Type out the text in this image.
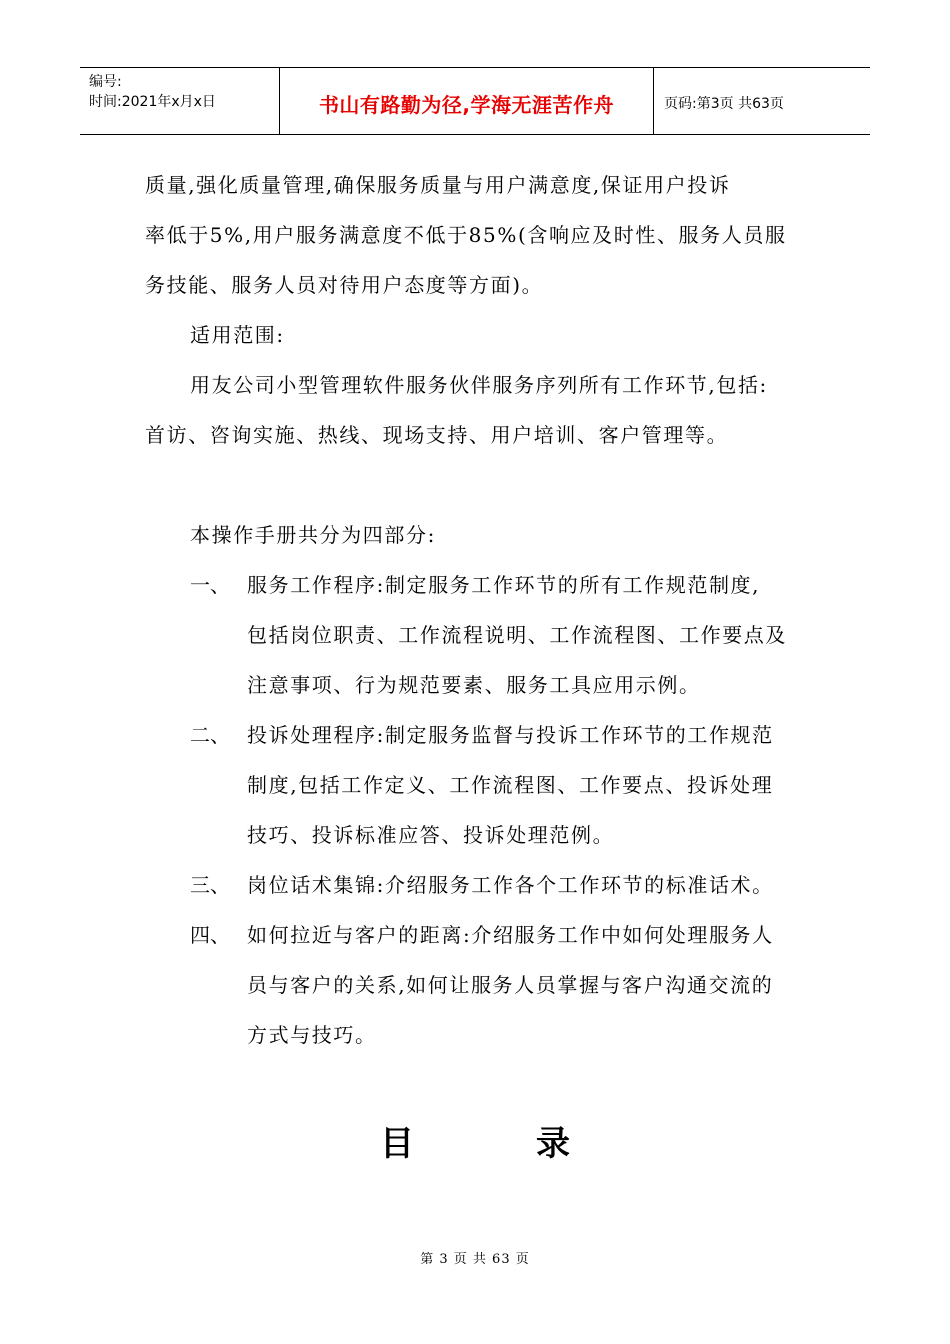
编号:
时间:2021年x月x日	书山有路勤为径,学海无涯苦作舟	页码:第3页 共63页
质量,强化质量管理,确保服务质量与用户满意度,保证用户投诉
率低于5%,用户服务满意度不低于85%(含响应及时性、服务人员服
务技能、服务人员对待用户态度等方面)。
适用范围:
用友公司小型管理软件服务伙伴服务序列所有工作环节,包括:
首访、咨询实施、热线、现场支持、用户培训、客户管理等。
本操作手册共分为四部分:
一、 服务工作程序:制定服务工作环节的所有工作规范制度,
包括岗位职责、工作流程说明、工作流程图、工作要点及
注意事项、行为规范要素、服务工具应用示例。
二、 投诉处理程序:制定服务监督与投诉工作环节的工作规范
制度,包括工作定义、工作流程图、工作要点、投诉处理
技巧、投诉标准应答、投诉处理范例。
三、 岗位话术集锦:介绍服务工作各个工作环节的标准话术。
四、 如何拉近与客户的距离:介绍服务工作中如何处理服务人
员与客户的关系,如何让服务人员掌握与客户沟通交流的
方式与技巧。
目	录
第 3 页 共 63 页
